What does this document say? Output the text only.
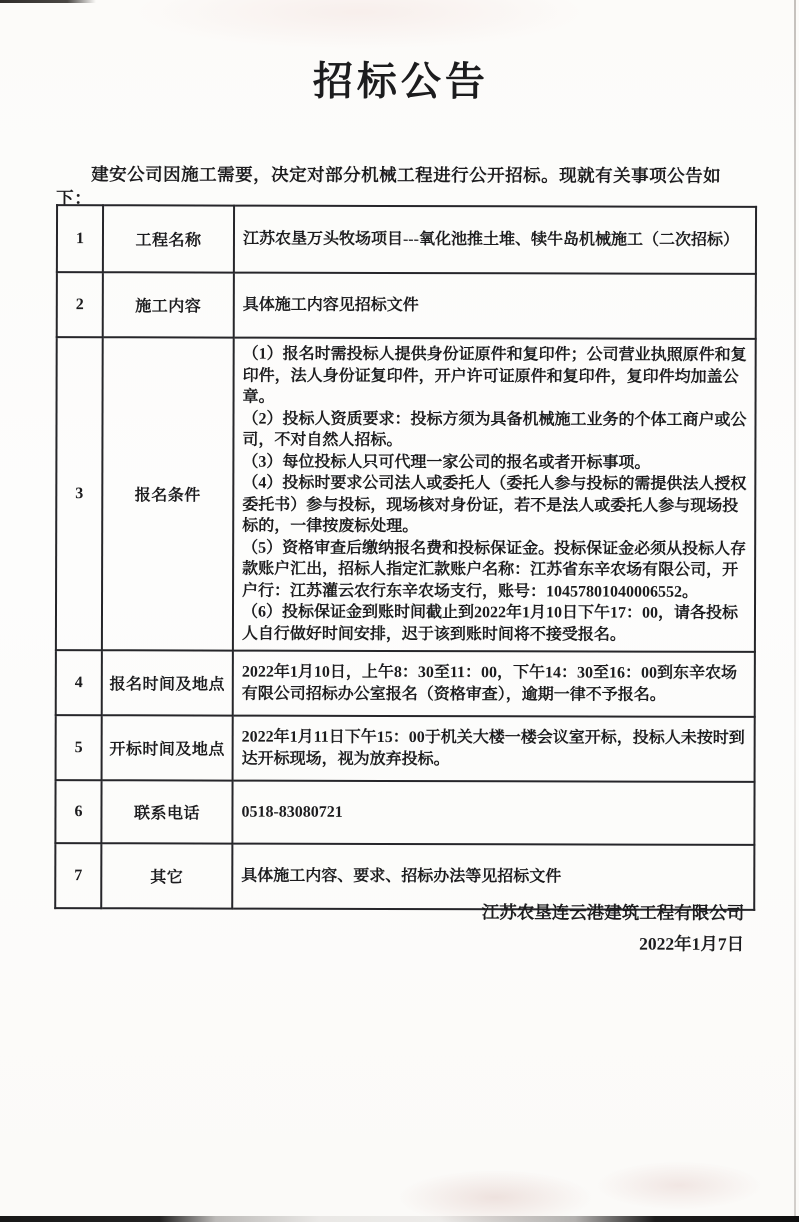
招标公告
建安公司因施工需要，决定对部分机械工程进行公开招标。现就有关事项公告如下：
1	工程名称	江苏农垦万头牧场项目---氧化池推土堆、犊牛岛机械施工（二次招标）
2	施工内容	具体施工内容见招标文件
3	报名条件	（1）报名时需投标人提供身份证原件和复印件；公司营业执照原件和复印件，法人身份证复印件，开户许可证原件和复印件，复印件均加盖公章。
（2）投标人资质要求：投标方须为具备机械施工业务的个体工商户或公司，不对自然人招标。
（3）每位投标人只可代理一家公司的报名或者开标事项。
（4）投标时要求公司法人或委托人（委托人参与投标的需提供法人授权委托书）参与投标，现场核对身份证，若不是法人或委托人参与现场投标的，一律按废标处理。
（5）资格审查后缴纳报名费和投标保证金。投标保证金必须从投标人存款账户汇出，招标人指定汇款账户名称：江苏省东辛农场有限公司，开户行：江苏灌云农行东辛农场支行，账号：10457801040006552。
（6）投标保证金到账时间截止到2022年1月10日下午17：00，请各投标人自行做好时间安排，迟于该到账时间将不接受报名。
4	报名时间及地点	2022年1月10日，上午8：30至11：00，下午14：30至16：00到东辛农场有限公司招标办公室报名（资格审查），逾期一律不予报名。
5	开标时间及地点	2022年1月11日下午15：00于机关大楼一楼会议室开标，投标人未按时到达开标现场，视为放弃投标。
6	联系电话	0518-83080721
7	其它	具体施工内容、要求、招标办法等见招标文件
江苏农垦连云港建筑工程有限公司
2022年1月7日
